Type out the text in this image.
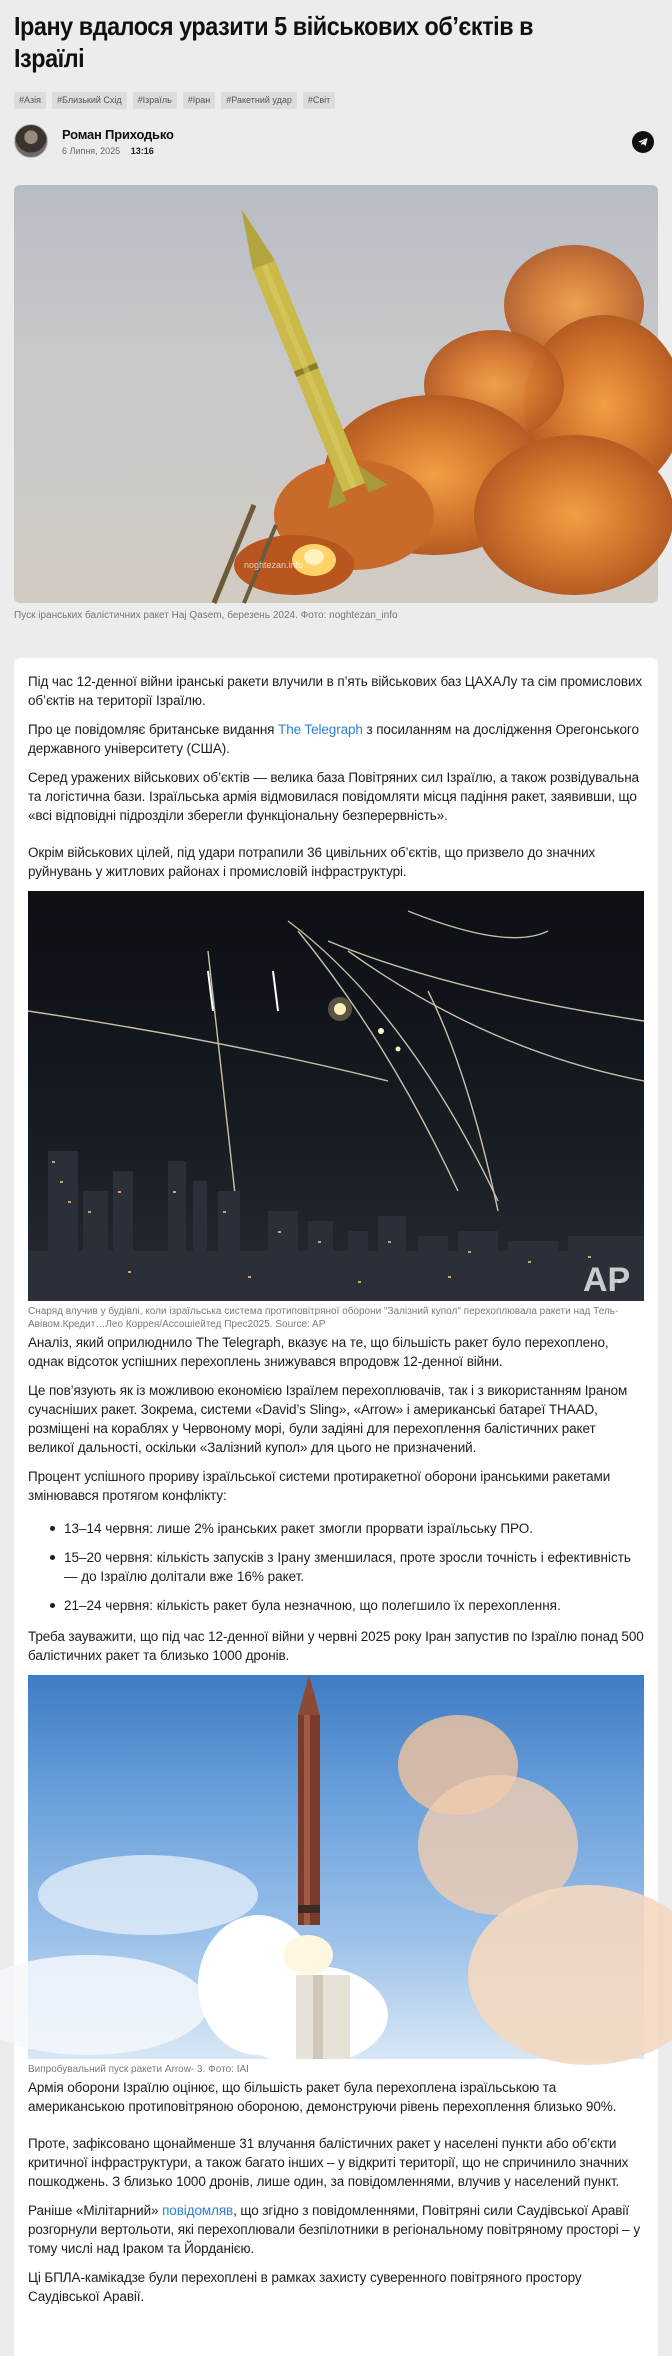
Ірану вдалося уразити 5 військових об’єктів в Ізраїлі
#Азія	#Близький Схід	#Ізраїль	#Іран	#Ракетний удар	#Світ
Роман Приходько
6 Липня, 2025 13:16
noghtezan.info
Пуск іранських балістичних ракет Haj Qasem, березень 2024. Фото: noghtezan_info

Під час 12-денної війни іранські ракети влучили в п’ять військових баз ЦАХАЛу та сім промислових об’єктів на території Ізраїлю.

Про це повідомляє британське видання The Telegraph з посиланням на дослідження Орегонського державного університету (США).

Серед уражених військових об’єктів — велика база Повітряних сил Ізраїлю, а також розвідувальна та логістична бази. Ізраїльська армія відмовилася повідомляти місця падіння ракет, заявивши, що «всі відповідні підрозділи зберегли функціональну безперервність».

Окрім військових цілей, під удари потрапили 36 цивільних об’єктів, що призвело до значних руйнувань у житлових районах і промисловій інфраструктурі.

AP
Снаряд влучив у будівлі, коли ізраїльська система протиповітряної оборони "Залізний купол" перехоплювала ракети над Тель-Авівом.Кредит…Лео Коррея/Ассошіейтед Прес2025. Source: AP

Аналіз, який оприлюднило The Telegraph, вказує на те, що більшість ракет було перехоплено, однак відсоток успішних перехоплень знижувався впродовж 12-денної війни.

Це пов’язують як із можливою економією Ізраїлем перехоплювачів, так і з використанням Іраном сучасніших ракет. Зокрема, системи «David’s Sling», «Arrow» і американські батареї THAAD, розміщені на кораблях у Червоному морі, були задіяні для перехоплення балістичних ракет великої дальності, оскільки «Залізний купол» для цього не призначений.

Процент успішного прориву ізраїльської системи протиракетної оборони іранськими ракетами змінювався протягом конфлікту:

13–14 червня: лише 2% іранських ракет змогли прорвати ізраїльську ПРО.
15–20 червня: кількість запусків з Ірану зменшилася, проте зросли точність і ефективність — до Ізраїлю долітали вже 16% ракет.
21–24 червня: кількість ракет була незначною, що полегшило їх перехоплення.

Треба зауважити, що під час 12-денної війни у червні 2025 року Іран запустив по Ізраїлю понад 500 балістичних ракет та близько 1000 дронів.

Випробувальний пуск ракети Arrow- 3. Фото: IAI

Армія оборони Ізраїлю оцінює, що більшість ракет була перехоплена ізраїльською та американською протиповітряною обороною, демонструючи рівень перехоплення близько 90%.

Проте, зафіксовано щонайменше 31 влучання балістичних ракет у населені пункти або об’єкти критичної інфраструктури, а також багато інших – у відкриті території, що не спричинило значних пошкоджень. З близько 1000 дронів, лише один, за повідомленнями, влучив у населений пункт.

Раніше «Мілітарний» повідомляв, що згідно з повідомленнями, Повітряні сили Саудівської Аравії розгорнули вертольоти, які перехоплювали безпілотники в регіональному повітряному просторі – у тому числі над Іраком та Йорданією.

Ці БПЛА-камікадзе були перехоплені в рамках захисту суверенного повітряного простору Саудівської Аравії.
